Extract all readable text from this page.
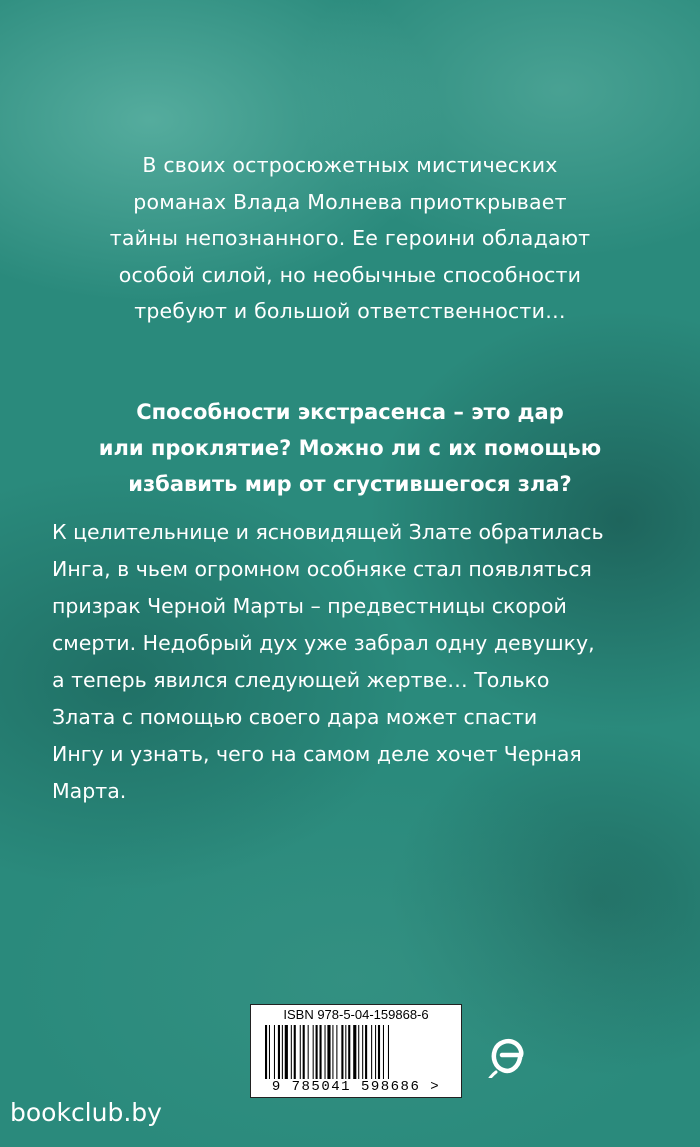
В своих остросюжетных мистических
романах Влада Молнева приоткрывает
тайны непознанного. Ее героини обладают
особой силой, но необычные способности
требуют и большой ответственности…
Способности экстрасенса – это дар
или проклятие? Можно ли с их помощью
избавить мир от сгустившегося зла?
К целительнице и ясновидящей Злате обратилась
Инга, в чьем огромном особняке стал появляться
призрак Черной Марты – предвестницы скорой
смерти. Недобрый дух уже забрал одну девушку,
а теперь явился следующей жертве… Только
Злата с помощью своего дара может спасти
Ингу и узнать, чего на самом деле хочет Черная
Марта.
ISBN 978-5-04-159868-6
9 785041 598686 >
bookclub.by
